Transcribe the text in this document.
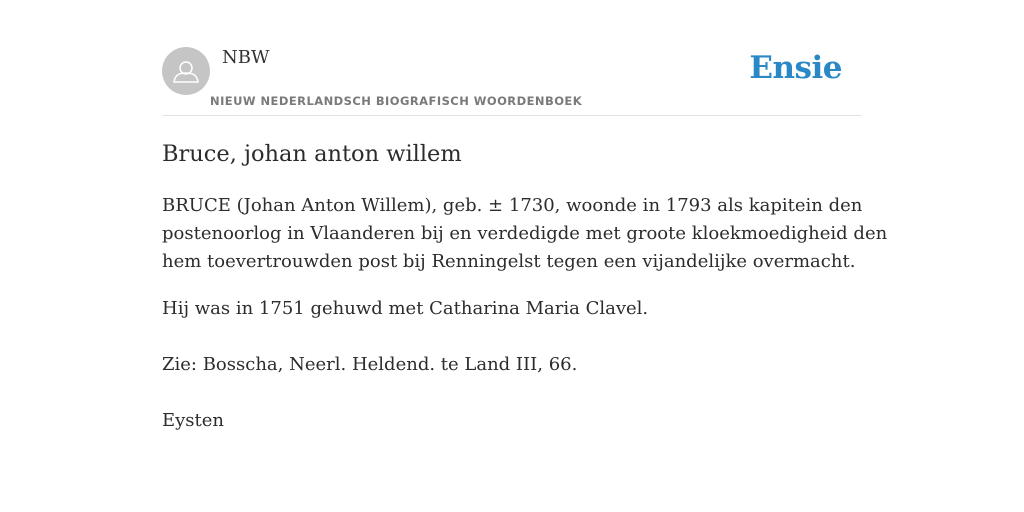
NBW
NIEUW NEDERLANDSCH BIOGRAFISCH WOORDENBOEK
Ensie
Bruce, johan anton willem

BRUCE (Johan Anton Willem), geb. ± 1730, woonde in 1793 als kapitein den
postenoorlog in Vlaanderen bij en verdedigde met groote kloekmoedigheid den
hem toevertrouwden post bij Renningelst tegen een vijandelijke overmacht.

Hij was in 1751 gehuwd met Catharina Maria Clavel.

Zie: Bosscha, Neerl. Heldend. te Land III, 66.

Eysten
